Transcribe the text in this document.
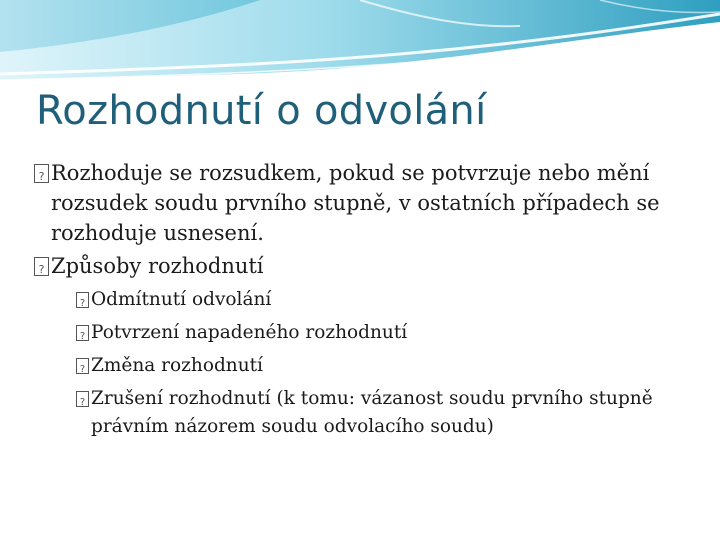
Rozhodnutí o odvolání
?
Rozhoduje se rozsudkem, pokud se potvrzuje nebo mění rozsudek soudu prvního stupně, v ostatních případech se rozhoduje usnesení.
?
Způsoby rozhodnutí
?
Odmítnutí odvolání
?
Potvrzení napadeného rozhodnutí
?
Změna rozhodnutí
?
Zrušení rozhodnutí (k tomu: vázanost soudu prvního stupně právním názorem soudu odvolacího soudu)
